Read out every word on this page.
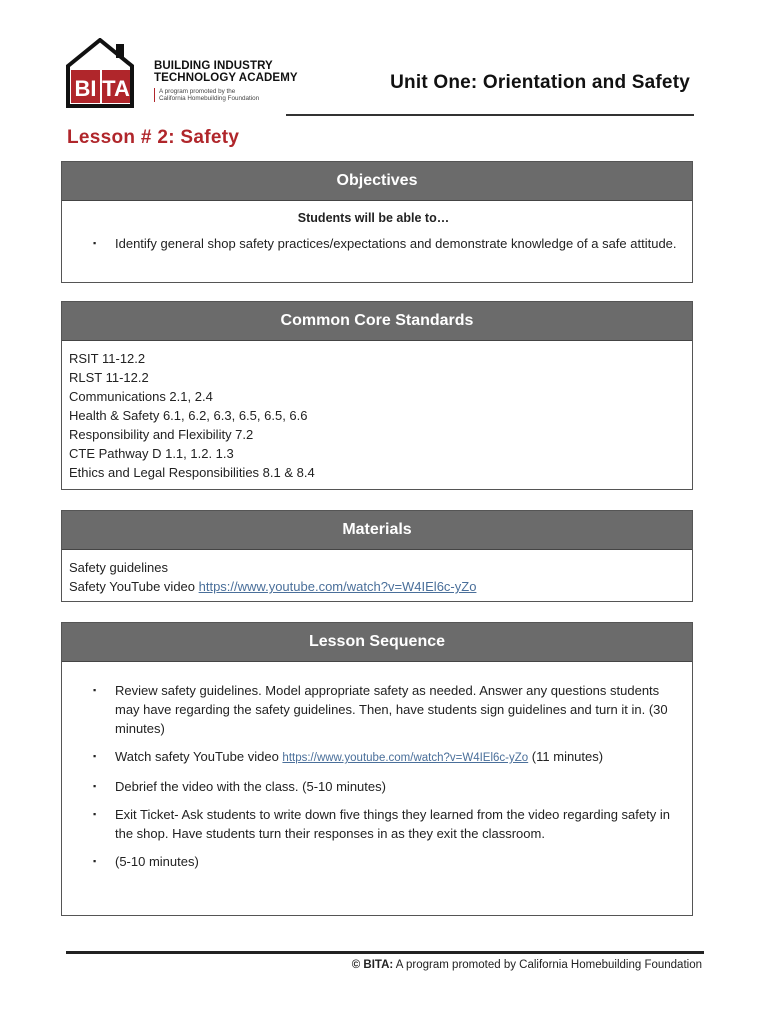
BI TA
BUILDING INDUSTRY
TECHNOLOGY ACADEMY
A program promoted by the
California Homebuilding Foundation
Unit One: Orientation and Safety
Lesson # 2: Safety
Objectives
Students will be able to…
▪ Identify general shop safety practices/expectations and demonstrate knowledge of a safe attitude.
Common Core Standards
RSIT 11-12.2
RLST 11-12.2
Communications 2.1, 2.4
Health & Safety 6.1, 6.2, 6.3, 6.5, 6.5, 6.6
Responsibility and Flexibility 7.2
CTE Pathway D 1.1, 1.2. 1.3
Ethics and Legal Responsibilities 8.1 & 8.4
Materials
Safety guidelines
Safety YouTube video https://www.youtube.com/watch?v=W4IEl6c-yZo
Lesson Sequence
▪ Review safety guidelines. Model appropriate safety as needed. Answer any questions students may have regarding the safety guidelines. Then, have students sign guidelines and turn it in. (30 minutes)
▪ Watch safety YouTube video https://www.youtube.com/watch?v=W4IEl6c-yZo (11 minutes)
▪ Debrief the video with the class. (5-10 minutes)
▪ Exit Ticket- Ask students to write down five things they learned from the video regarding safety in the shop. Have students turn their responses in as they exit the classroom.
▪ (5-10 minutes)
© BITA: A program promoted by California Homebuilding Foundation
